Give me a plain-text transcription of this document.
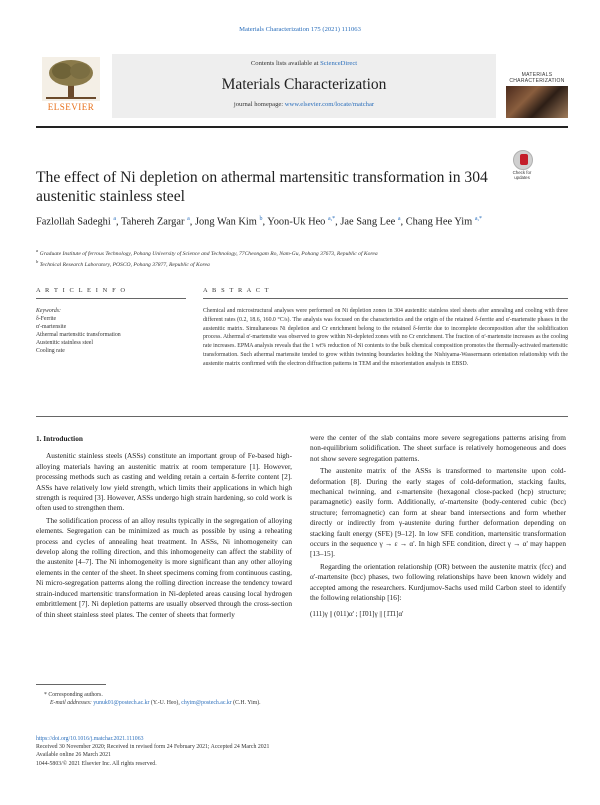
Materials Characterization 175 (2021) 111063
ELSEVIER
Contents lists available at ScienceDirect
Materials Characterization
journal homepage: www.elsevier.com/locate/matchar
MATERIALS
CHARACTERIZATION
The effect of Ni depletion on athermal martensitic transformation in 304 austenitic stainless steel
Check for
updates
Fazlollah Sadeghi $^a$, Tahereh Zargar $^a$, Jong Wan Kim $^b$, Yoon-Uk Heo $^{a,*}$, Jae Sang Lee $^a$, Chang Hee Yim $^{a,*}$
$^a$ Graduate Institute of ferrous Technology, Pohang University of Science and Technology, 77Cheongam Ro, Nam-Gu, Pohang 37673, Republic of Korea
$^b$ Technical Research Laboratory, POSCO, Pohang 37877, Republic of Korea
A R T I C L E I N F O	A B S T R A C T
Keywords:
δ-Ferrite
α'-martensite
Athermal martensitic transformation
Austenitic stainless steel
Cooling rate
Chemical and microstructural analyses were performed on Ni depletion zones in 304 austenitic stainless steel sheets after annealing and cooling with three different rates (0.2, 18.6, 160.0 °C/s). The analysis was focused on the characteristics and the origin of the retained δ-ferrite and α'-martensite phases in the austenitic matrix. Simultaneous Ni depletion and Cr enrichment belong to the retained δ-ferrite due to incomplete decomposition after the solidification process. Athermal α'-martensite was observed to grow within Ni-depleted zones with no Cr enrichment. The fraction of α'-martensite increases as the cooling rate increases. EPMA analysis reveals that the 1 wt% reduction of Ni contents to the bulk chemical composition promotes the thermally-activated martensitic transformation. Such athermal martensite tended to grow within twinning boundaries holding the Nishiyama-Wassermann orientation relationship with the austenite matrix confirmed with the electron diffraction patterns in TEM and the misorientation analysis in EBSD.
1. Introduction

Austenitic stainless steels (ASSs) constitute an important group of Fe-based high-alloying materials having an austenitic matrix at room temperature [1]. However, processing methods such as casting and welding retain a certain δ-ferrite content [2]. ASSs have relatively low yield strength, which limits their applications in which high strength is required [3]. However, ASSs undergo high strain hardening, so cold work is often used to strengthen them.

The solidification process of an alloy results typically in the segregation of alloying elements. Segregation can be minimized as much as possible by using a reheating process and cycles of annealing heat treatment. In ASSs, Ni inhomogeneity can develop along the rolling direction, and this inhomogeneity can affect the stability of the austenite [4–7]. The Ni inhomogeneity is more significant than any other alloying elements in the center of the sheet. In sheet specimens coming from continuous casting, Ni micro-segregation patterns along the rolling direction increase the tendency toward strain-induced martensitic transformation in Ni-depleted areas causing local hydrogen embrittlement [7]. Ni depletion patterns are usually observed through the cross-section of thin sheet stainless steel plates. The center of sheets that formerly

were the center of the slab contains more severe segregations patterns arising from non-equilibrium solidification. The sheet surface is relatively homogeneous and does not show severe segregation patterns.

The austenite matrix of the ASSs is transformed to martensite upon cold-deformation [8]. During the early stages of cold-deformation, stacking faults, mechanical twinning, and ε-martensite (hexagonal close-packed (hcp) structure; paramagnetic) easily form. Additionally, α'-martensite (body-centered cubic (bcc) structure; ferromagnetic) can form at shear band intersections and form whether directly or indirectly from γ-austenite during further deformation depending on stacking fault energy (SFE) [9–12]. In low SFE condition, martensitic transformation occurs in the sequence γ → ε → α'. In high SFE condition, direct γ → α' may happen [13–15].

Regarding the orientation relationship (OR) between the austenite matrix (fcc) and α'-martensite (bcc) phases, two following relationships have been known widely and accepted among the researchers. Kurdjumov-Sachs used mild Carbon steel to identify the following relationship [16]:

(111)γ || (011)α' ; [1̄01]γ || [1̄1̄1]α'
* Corresponding authors.
E-mail addresses: yunuk01@postech.ac.kr (Y.-U. Heo), chyim@postech.ac.kr (C.H. Yim).
https://doi.org/10.1016/j.matchar.2021.111063
Received 30 November 2020; Received in revised form 24 February 2021; Accepted 24 March 2021
Available online 26 March 2021
1044-5803/© 2021 Elsevier Inc. All rights reserved.
